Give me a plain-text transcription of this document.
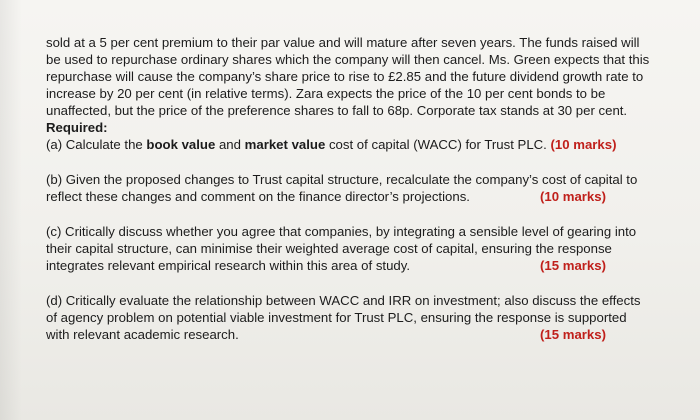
sold at a 5 per cent premium to their par value and will mature after seven years. The funds raised will
be used to repurchase ordinary shares which the company will then cancel. Ms. Green expects that this
repurchase will cause the company’s share price to rise to £2.85 and the future dividend growth rate to
increase by 20 per cent (in relative terms). Zara expects the price of the 10 per cent bonds to be
unaffected, but the price of the preference shares to fall to 68p. Corporate tax stands at 30 per cent.
Required:
(a) Calculate the book value and market value cost of capital (WACC) for Trust PLC. (10 marks)
(b) Given the proposed changes to Trust capital structure, recalculate the company’s cost of capital to
reflect these changes and comment on the finance director’s projections.	(10 marks)
(c) Critically discuss whether you agree that companies, by integrating a sensible level of gearing into
their capital structure, can minimise their weighted average cost of capital, ensuring the response
integrates relevant empirical research within this area of study.	(15 marks)
(d) Critically evaluate the relationship between WACC and IRR on investment; also discuss the effects
of agency problem on potential viable investment for Trust PLC, ensuring the response is supported
with relevant academic research.	(15 marks)
